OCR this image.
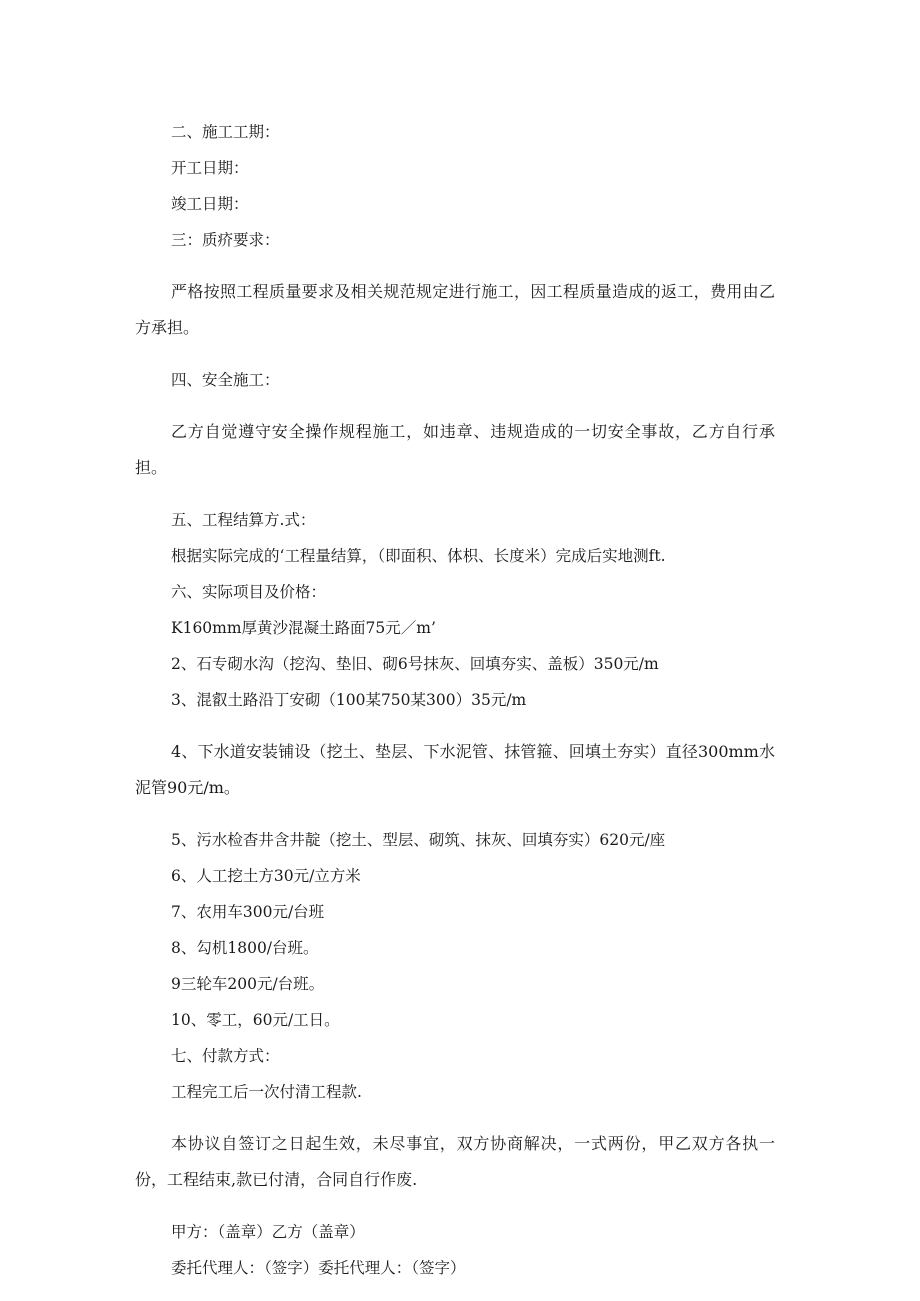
二、施工工期：

开工日期：

竣工日期：

三：质疥要求：

严格按照工程质量要求及相关规范规定进行施工，因工程质量造成的返工，费用由乙方承担。

四、安全施工：

乙方自觉遵守安全操作规程施工，如违章、违规造成的一切安全事故，乙方自行承担。

五、工程结算方.式：

根据实际完成的‘工程量结算，（即面积、体枳、长度米）完成后实地测ft.

六、实际项目及价格：

K160mm厚黄沙混凝土路面75元／m’

2、石专砌水沟（挖沟、垫旧、砌6号抹灰、回填夯实、盖板）350元/m

3、混叡土路沿丁安砌（100某750某300）35元/m

4、下水道安装铺设（挖土、垫层、下水泥管、抹管箍、回填土夯实）直径300mm水泥管90元/m。

5、污水检杳井含井靛（挖土、型层、砌筑、抹灰、回填夯实）620元/座

6、人工挖土方30元/立方米

7、农用车300元/台班

8、勾机1800/台班。

9三轮车200元/台班。

10、零工，60元/工日。

七、付款方式：

工程完工后一次付清工程款.

本协议自签订之日起生效，未尽事宜，双方协商解决，一式两份，甲乙双方各执一份，工程结束,款已付清，合同自行作废.

甲方：（盖章）乙方（盖章）

委托代理人：（签字）委托代理人：（签字）
